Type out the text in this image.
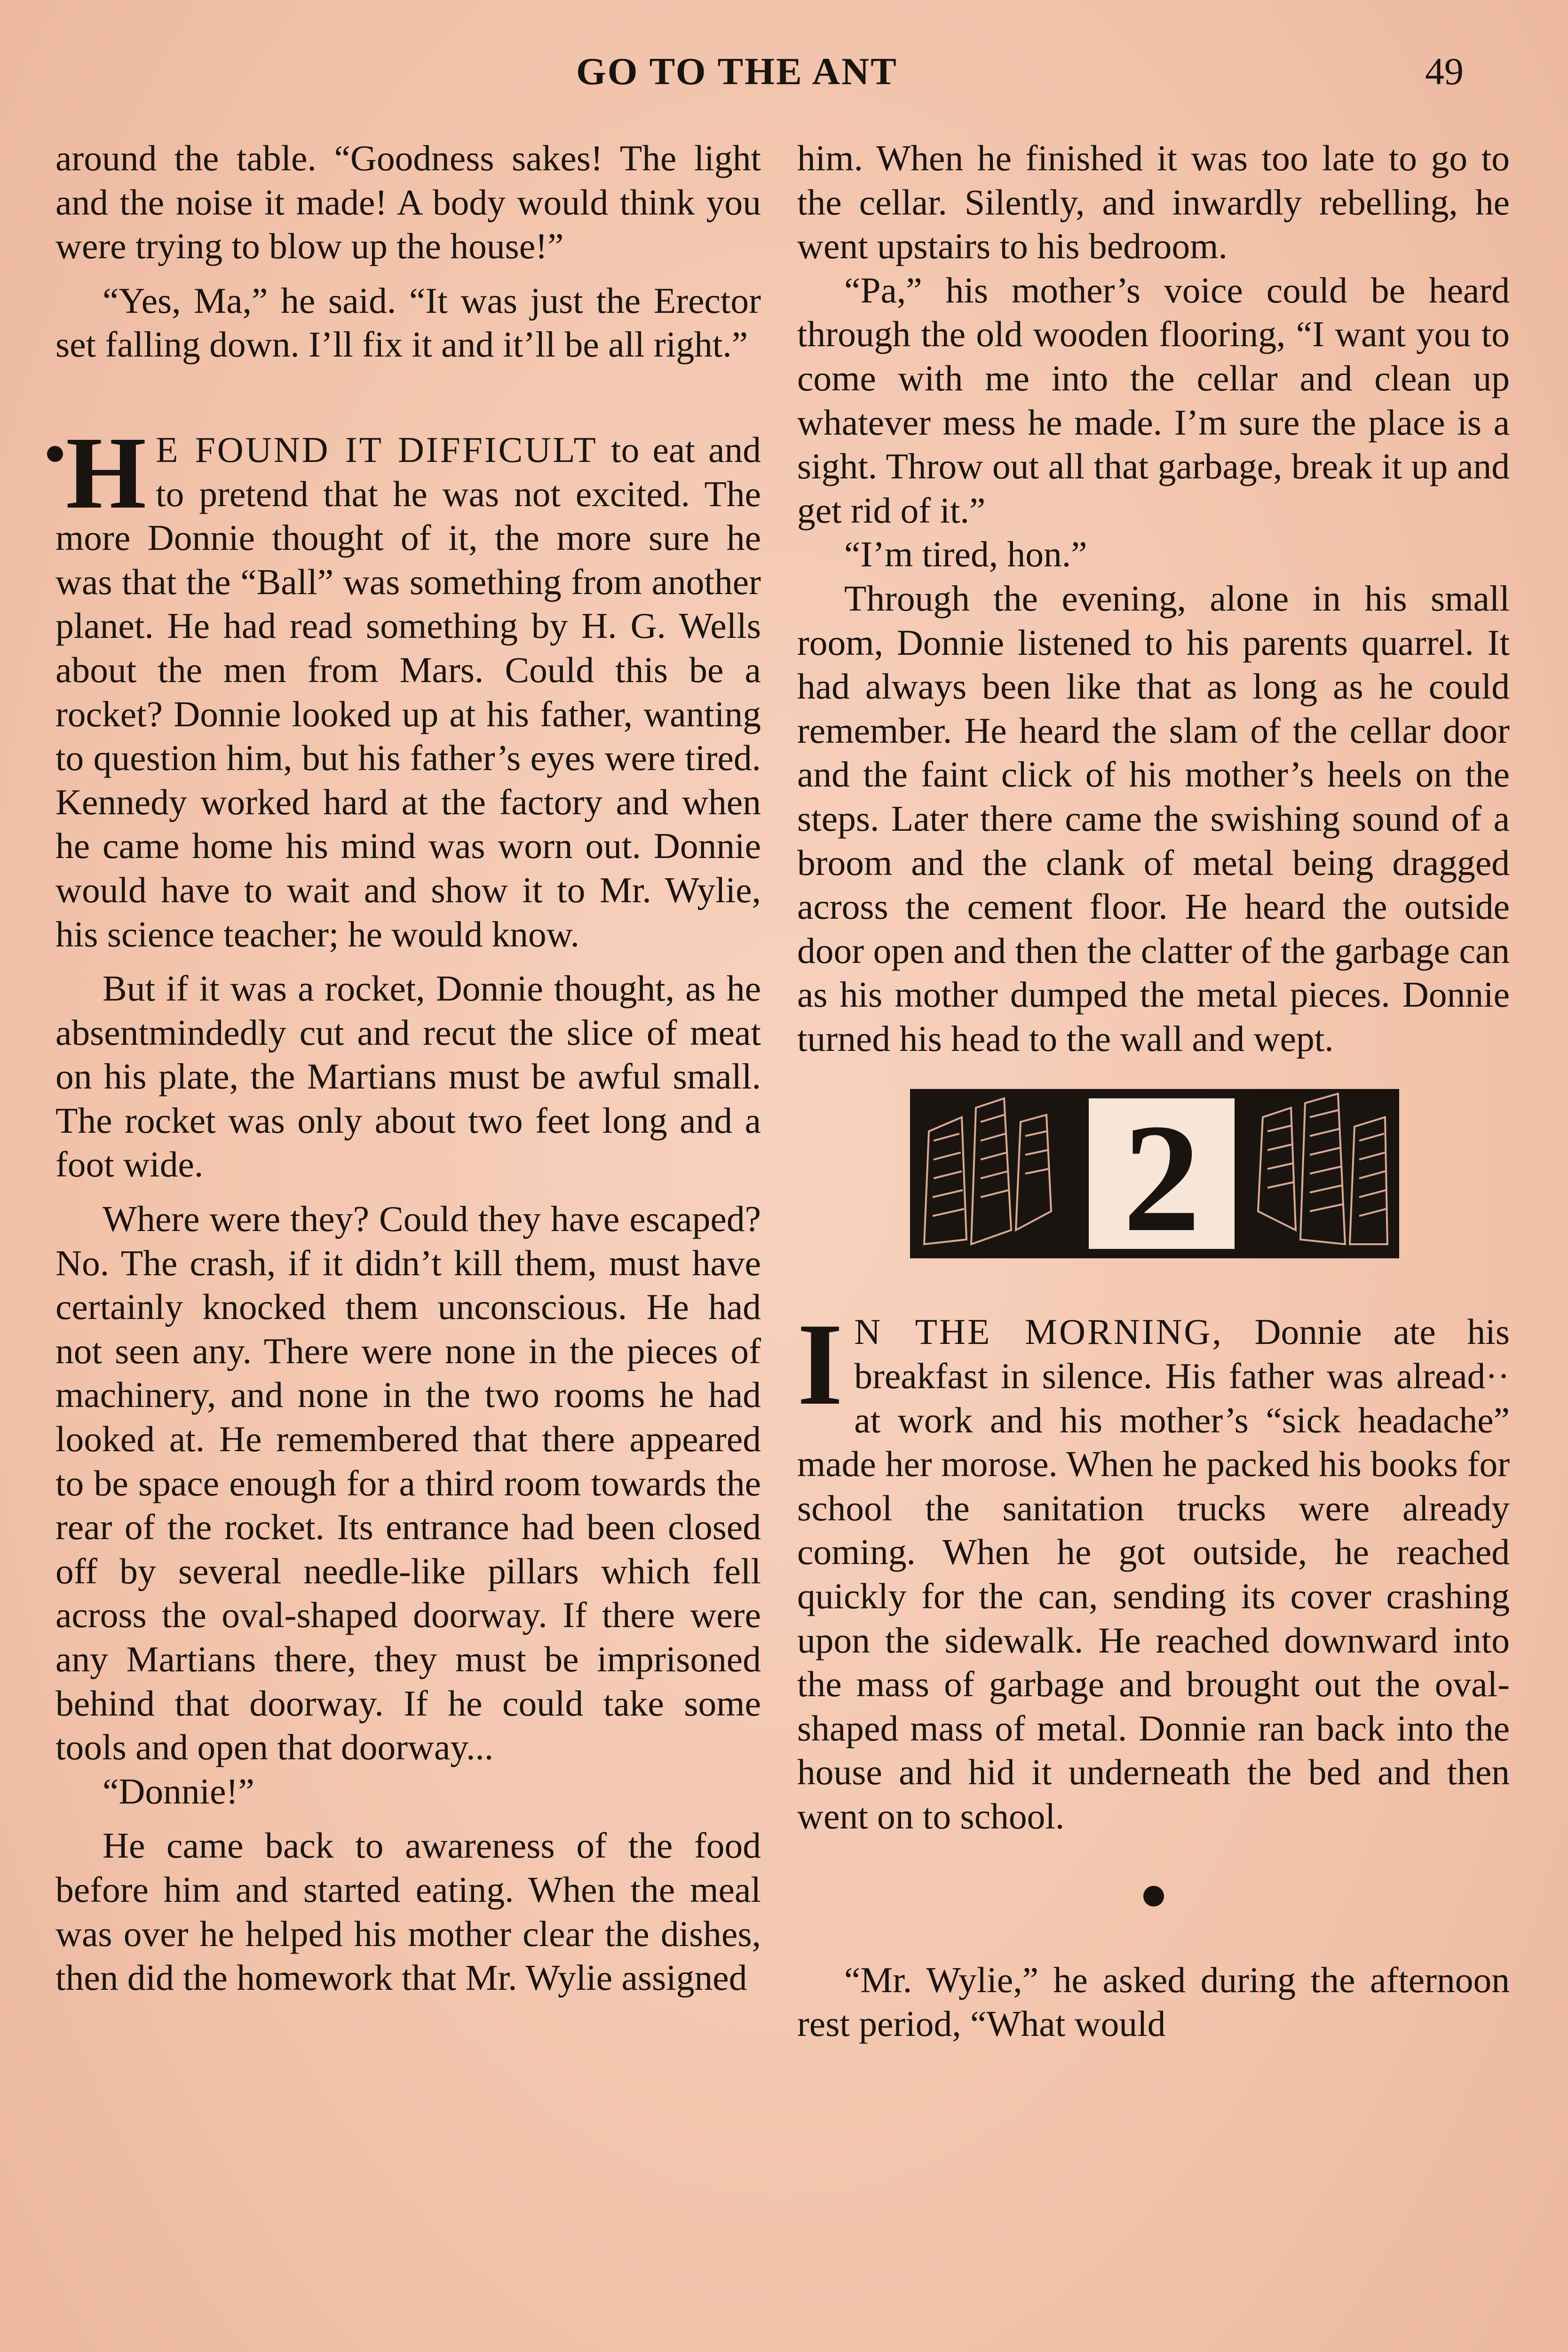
GO TO THE ANT	49

around the table. “Goodness sakes! The light and the noise it made! A body would think you were trying to blow up the house!”

“Yes, Ma,” he said. “It was just the Erector set falling down. I’ll fix it and it’ll be all right.”

H E FOUND IT DIFFICULT to eat and to pretend that he was not excited. The more Donnie thought of it, the more sure he was that the “Ball” was something from another planet. He had read something by H. G. Wells about the men from Mars. Could this be a rocket? Donnie looked up at his father, wanting to question him, but his father’s eyes were tired. Kennedy worked hard at the factory and when he came home his mind was worn out. Donnie would have to wait and show it to Mr. Wylie, his science teacher; he would know.

But if it was a rocket, Donnie thought, as he absentmindedly cut and recut the slice of meat on his plate, the Martians must be awful small. The rocket was only about two feet long and a foot wide.

Where were they? Could they have escaped? No. The crash, if it didn’t kill them, must have certainly knocked them unconscious. He had not seen any. There were none in the pieces of machinery, and none in the two rooms he had looked at. He remembered that there appeared to be space enough for a third room towards the rear of the rocket. Its entrance had been closed off by several needle-like pillars which fell across the oval-shaped doorway. If there were any Martians there, they must be imprisoned behind that doorway. If he could take some tools and open that doorway...

“Donnie!”

He came back to awareness of the food before him and started eating. When the meal was over he helped his mother clear the dishes, then did the homework that Mr. Wylie assigned

him. When he finished it was too late to go to the cellar. Silently, and inwardly rebelling, he went upstairs to his bedroom.

“Pa,” his mother’s voice could be heard through the old wooden flooring, “I want you to come with me into the cellar and clean up whatever mess he made. I’m sure the place is a sight. Throw out all that garbage, break it up and get rid of it.”

“I’m tired, hon.”

Through the evening, alone in his small room, Donnie listened to his parents quarrel. It had always been like that as long as he could remember. He heard the slam of the cellar door and the faint click of his mother’s heels on the steps. Later there came the swishing sound of a broom and the clank of metal being dragged across the cement floor. He heard the outside door open and then the clatter of the garbage can as his mother dumped the metal pieces. Donnie turned his head to the wall and wept.

2

I N THE MORNING, Donnie ate his breakfast in silence. His father was alread·· at work and his mother’s “sick headache” made her morose. When he packed his books for school the sanitation trucks were already coming. When he got outside, he reached quickly for the can, sending its cover crashing upon the sidewalk. He reached downward into the mass of garbage and brought out the oval-shaped mass of metal. Donnie ran back into the house and hid it underneath the bed and then went on to school.

“Mr. Wylie,” he asked during the afternoon rest period, “What would
